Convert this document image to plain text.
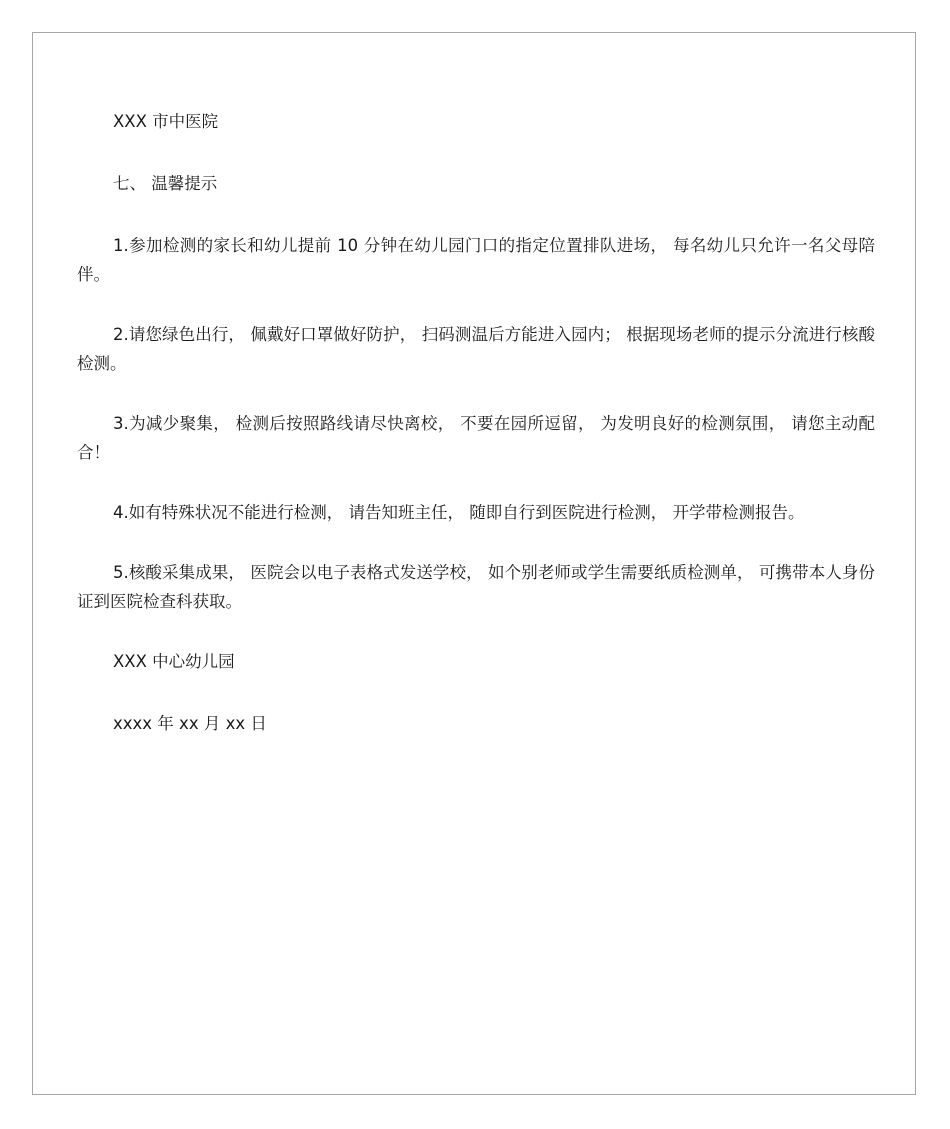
XXX 市中医院

七、 温馨提示

1.参加检测的家长和幼儿提前 10 分钟在幼儿园门口的指定位置排队进场， 每名幼儿只允许一名父母陪伴。

2.请您绿色出行， 佩戴好口罩做好防护， 扫码测温后方能进入园内； 根据现场老师的提示分流进行核酸检测。

3.为减少聚集， 检测后按照路线请尽快离校， 不要在园所逗留， 为发明良好的检测氛围， 请您主动配合！

4.如有特殊状况不能进行检测， 请告知班主任， 随即自行到医院进行检测， 开学带检测报告。

5.核酸采集成果， 医院会以电子表格式发送学校， 如个别老师或学生需要纸质检测单， 可携带本人身份证到医院检查科获取。

XXX 中心幼儿园

xxxx 年 xx 月 xx 日
